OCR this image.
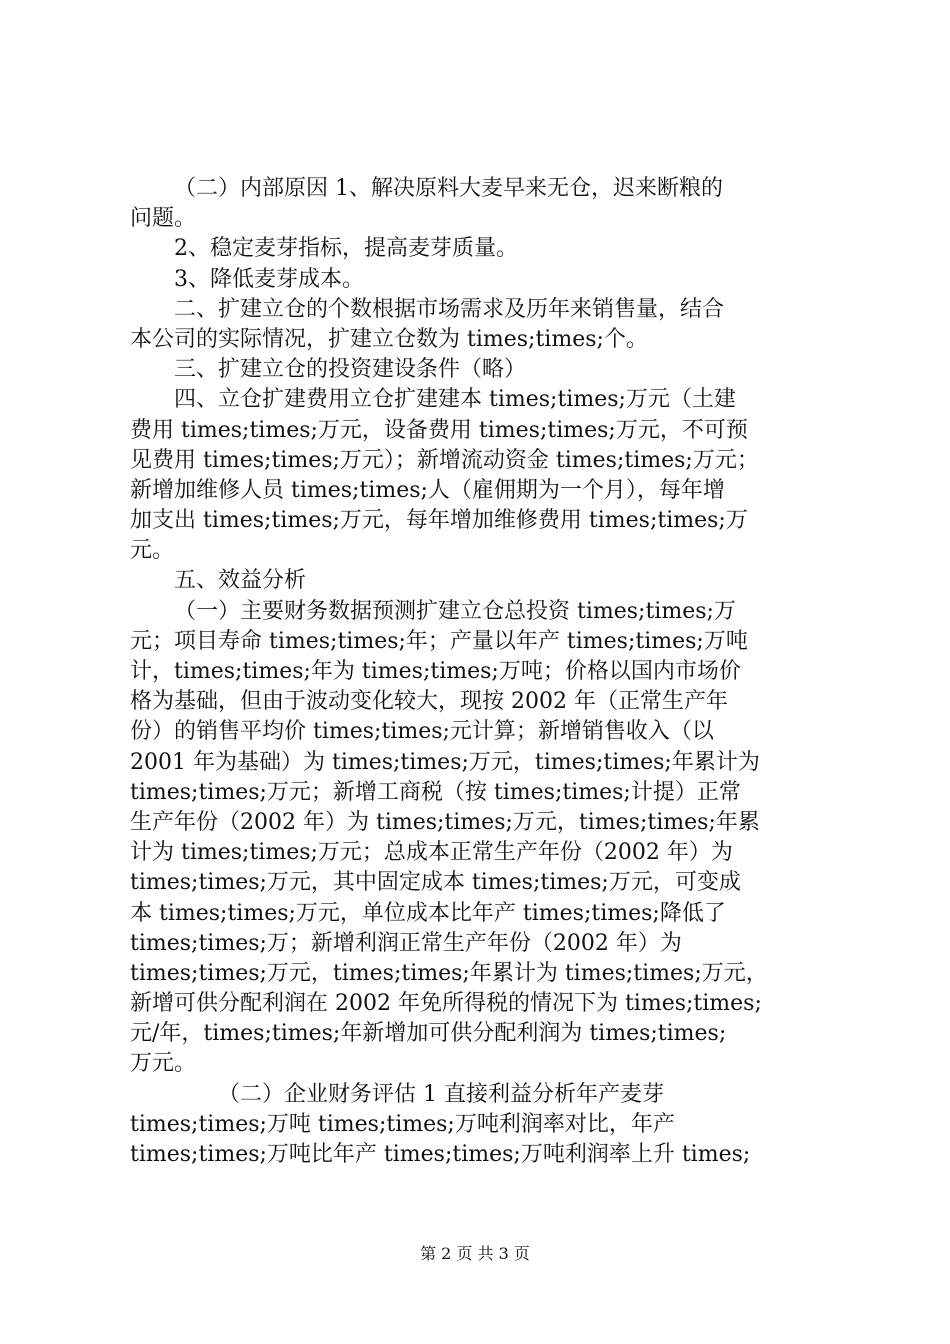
（二）内部原因 1、解决原料大麦早来无仓，迟来断粮的
问题。
2、稳定麦芽指标，提高麦芽质量。
3、降低麦芽成本。
二、扩建立仓的个数根据市场需求及历年来销售量，结合
本公司的实际情况，扩建立仓数为 times;times;个。
三、扩建立仓的投资建设条件（略）
四、立仓扩建费用立仓扩建建本 times;times;万元（土建
费用 times;times;万元，设备费用 times;times;万元，不可预
见费用 times;times;万元）；新增流动资金 times;times;万元；
新增加维修人员 times;times;人（雇佣期为一个月），每年增
加支出 times;times;万元，每年增加维修费用 times;times;万
元。
五、效益分析
（一）主要财务数据预测扩建立仓总投资 times;times;万
元；项目寿命 times;times;年；产量以年产 times;times;万吨
计，times;times;年为 times;times;万吨；价格以国内市场价
格为基础，但由于波动变化较大，现按 2002 年（正常生产年
份）的销售平均价 times;times;元计算；新增销售收入（以
2001 年为基础）为 times;times;万元，times;times;年累计为
times;times;万元；新增工商税（按 times;times;计提）正常
生产年份（2002 年）为 times;times;万元，times;times;年累
计为 times;times;万元；总成本正常生产年份（2002 年）为
times;times;万元，其中固定成本 times;times;万元，可变成
本 times;times;万元，单位成本比年产 times;times;降低了
times;times;万；新增利润正常生产年份（2002 年）为
times;times;万元，times;times;年累计为 times;times;万元，
新增可供分配利润在 2002 年免所得税的情况下为 times;times;
元/年，times;times;年新增加可供分配利润为 times;times;
万元。
（二）企业财务评估 1 直接利益分析年产麦芽
times;times;万吨 times;times;万吨利润率对比，年产
times;times;万吨比年产 times;times;万吨利润率上升 times;
第 2 页 共 3 页
